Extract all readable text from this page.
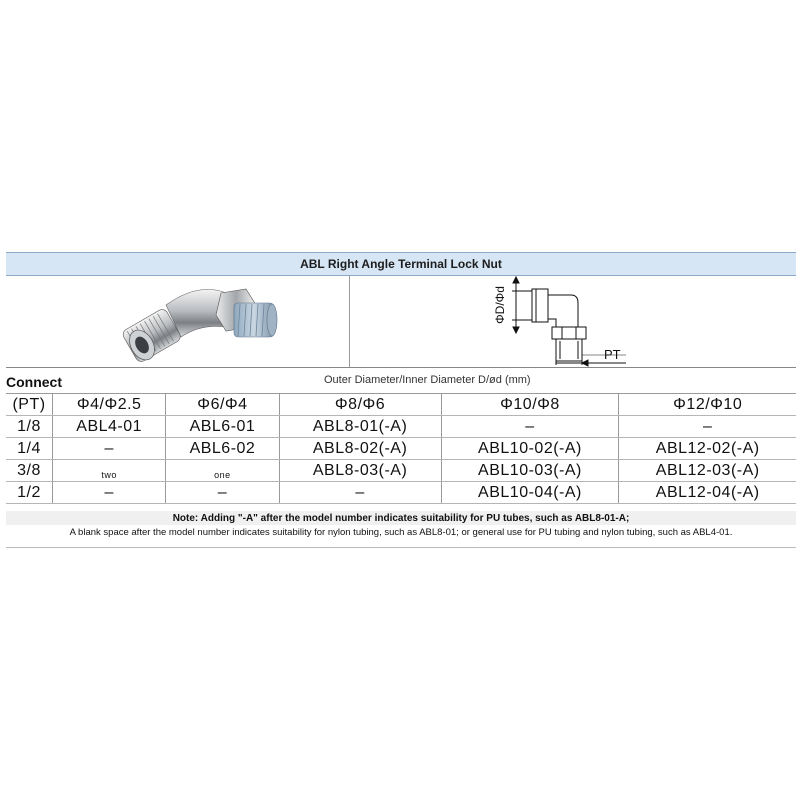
ABL Right Angle Terminal Lock Nut
ΦD/Φd
PT
Connect	Outer Diameter/Inner Diameter D/ød (mm)
(PT)	Φ4/Φ2.5	Φ6/Φ4	Φ8/Φ6	Φ10/Φ8	Φ12/Φ10
1/8	ABL4-01	ABL6-01	ABL8-01(-A)	–	–
1/4	–	ABL6-02	ABL8-02(-A)	ABL10-02(-A)	ABL12-02(-A)
3/8	two	one	ABL8-03(-A)	ABL10-03(-A)	ABL12-03(-A)
1/2	–	–	–	ABL10-04(-A)	ABL12-04(-A)
Note: Adding "-A" after the model number indicates suitability for PU tubes, such as ABL8-01-A;
A blank space after the model number indicates suitability for nylon tubing, such as ABL8-01; or general use for PU tubing and nylon tubing, such as ABL4-01.
